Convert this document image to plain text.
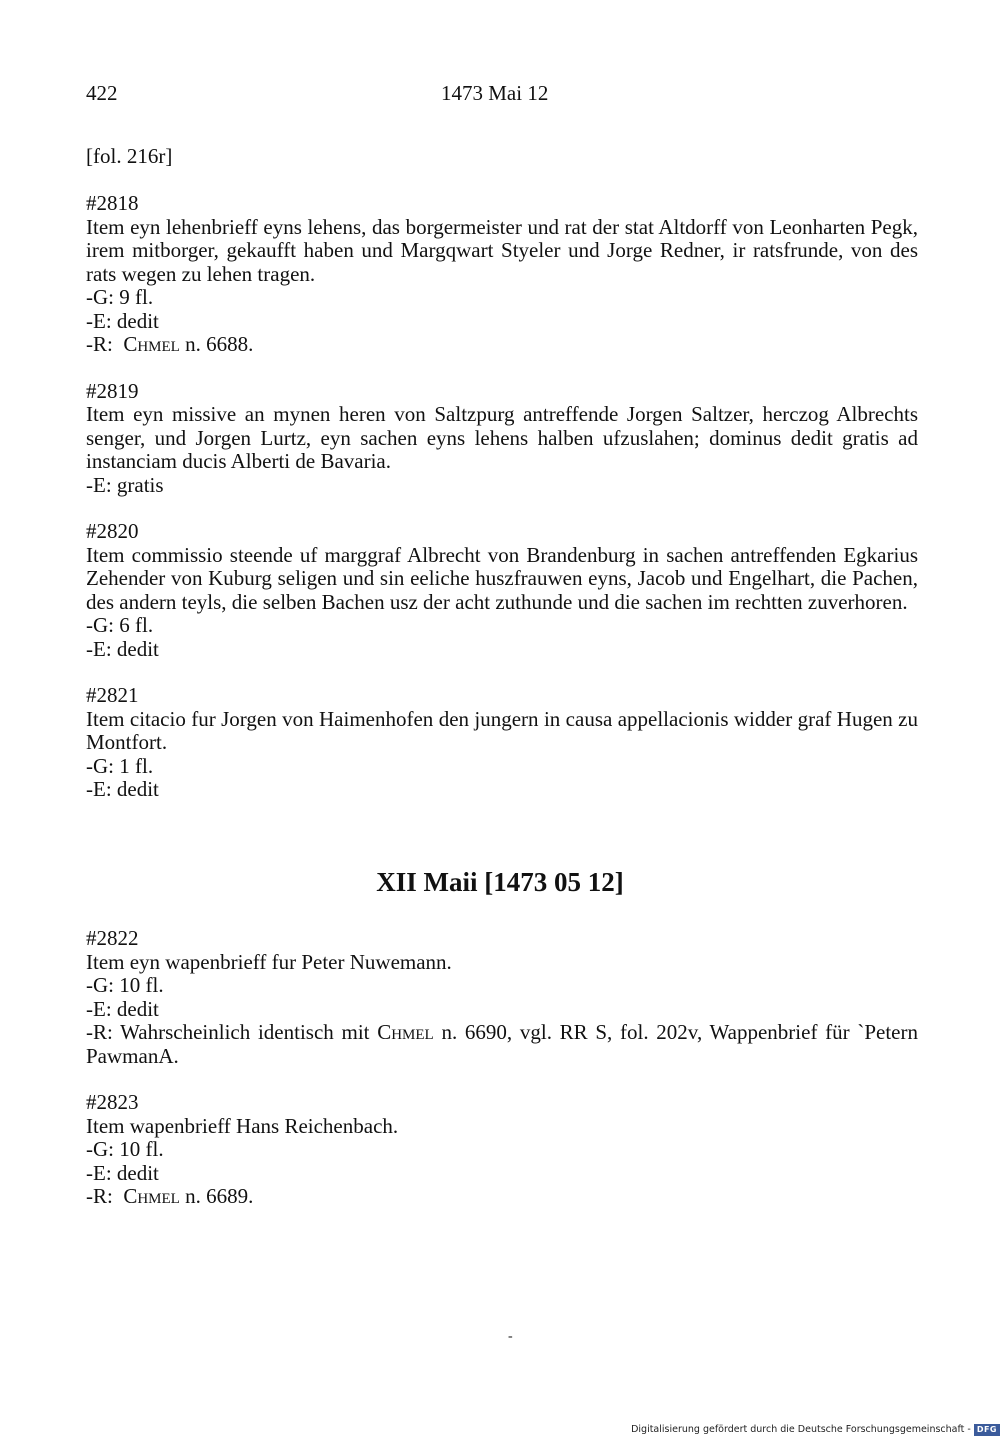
422	1473 Mai 12
[fol. 216r]
#2818
Item eyn lehenbrieff eyns lehens, das borgermeister und rat der stat Altdorff von Leonharten Pegk, irem mitborger, gekaufft haben und Margqwart Styeler und Jorge Redner, ir ratsfrunde, von des rats wegen zu lehen tragen.
-G: 9 fl.
-E: dedit
-R:  Chmel n. 6688.
#2819
Item eyn missive an mynen heren von Saltzpurg antreffende Jorgen Saltzer, herczog Albrechts senger, und Jorgen Lurtz, eyn sachen eyns lehens halben ufzuslahen; dominus dedit gratis ad instanciam ducis Alberti de Bavaria.
-E: gratis
#2820
Item commissio steende uf marggraf Albrecht von Brandenburg in sachen antreffenden Egkarius Zehender von Kuburg seligen und sin eeliche huszfrauwen eyns, Jacob und Engelhart, die Pachen, des andern teyls, die selben Bachen usz der acht zuthunde und die sachen im rechtten zuverhoren.
-G: 6 fl.
-E: dedit
#2821
Item citacio fur Jorgen von Haimenhofen den jungern in causa appellacionis widder graf Hugen zu Montfort.
-G: 1 fl.
-E: dedit
XII Maii [1473 05 12]
#2822
Item eyn wapenbrieff fur Peter Nuwemann.
-G: 10 fl.
-E: dedit
-R: Wahrscheinlich identisch mit Chmel n. 6690, vgl. RR S, fol. 202v, Wappenbrief für `Petern PawmanA.
#2823
Item wapenbrieff Hans Reichenbach.
-G: 10 fl.
-E: dedit
-R:  Chmel n. 6689.
-
Digitalisierung gefördert durch die Deutsche Forschungsgemeinschaft - DFG
